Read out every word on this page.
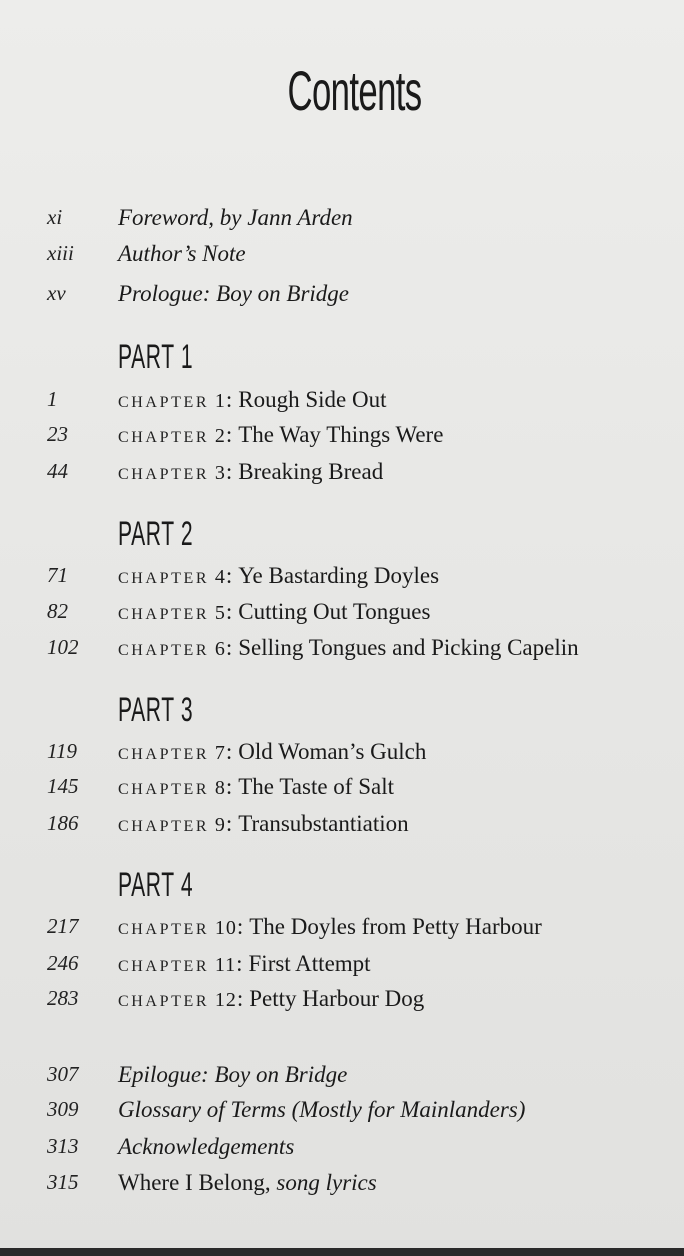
Contents
xi Foreword, by Jann Arden
xiii Author’s Note
xv Prologue: Boy on Bridge
PART 1
1	CHAPTER 1: Rough Side Out
23	CHAPTER 2: The Way Things Were
44	CHAPTER 3: Breaking Bread
PART 2
71	CHAPTER 4: Ye Bastarding Doyles
82	CHAPTER 5: Cutting Out Tongues
102 CHAPTER 6: Selling Tongues and Picking Capelin
PART 3
119	CHAPTER 7: Old Woman’s Gulch
145 CHAPTER 8: The Taste of Salt
186 CHAPTER 9: Transubstantiation
PART 4
217 CHAPTER 10: The Doyles from Petty Harbour
246 CHAPTER 11: First Attempt
283 CHAPTER 12: Petty Harbour Dog
307 Epilogue: Boy on Bridge
309 Glossary of Terms (Mostly for Mainlanders)
313 Acknowledgements
315 Where I Belong, song lyrics
